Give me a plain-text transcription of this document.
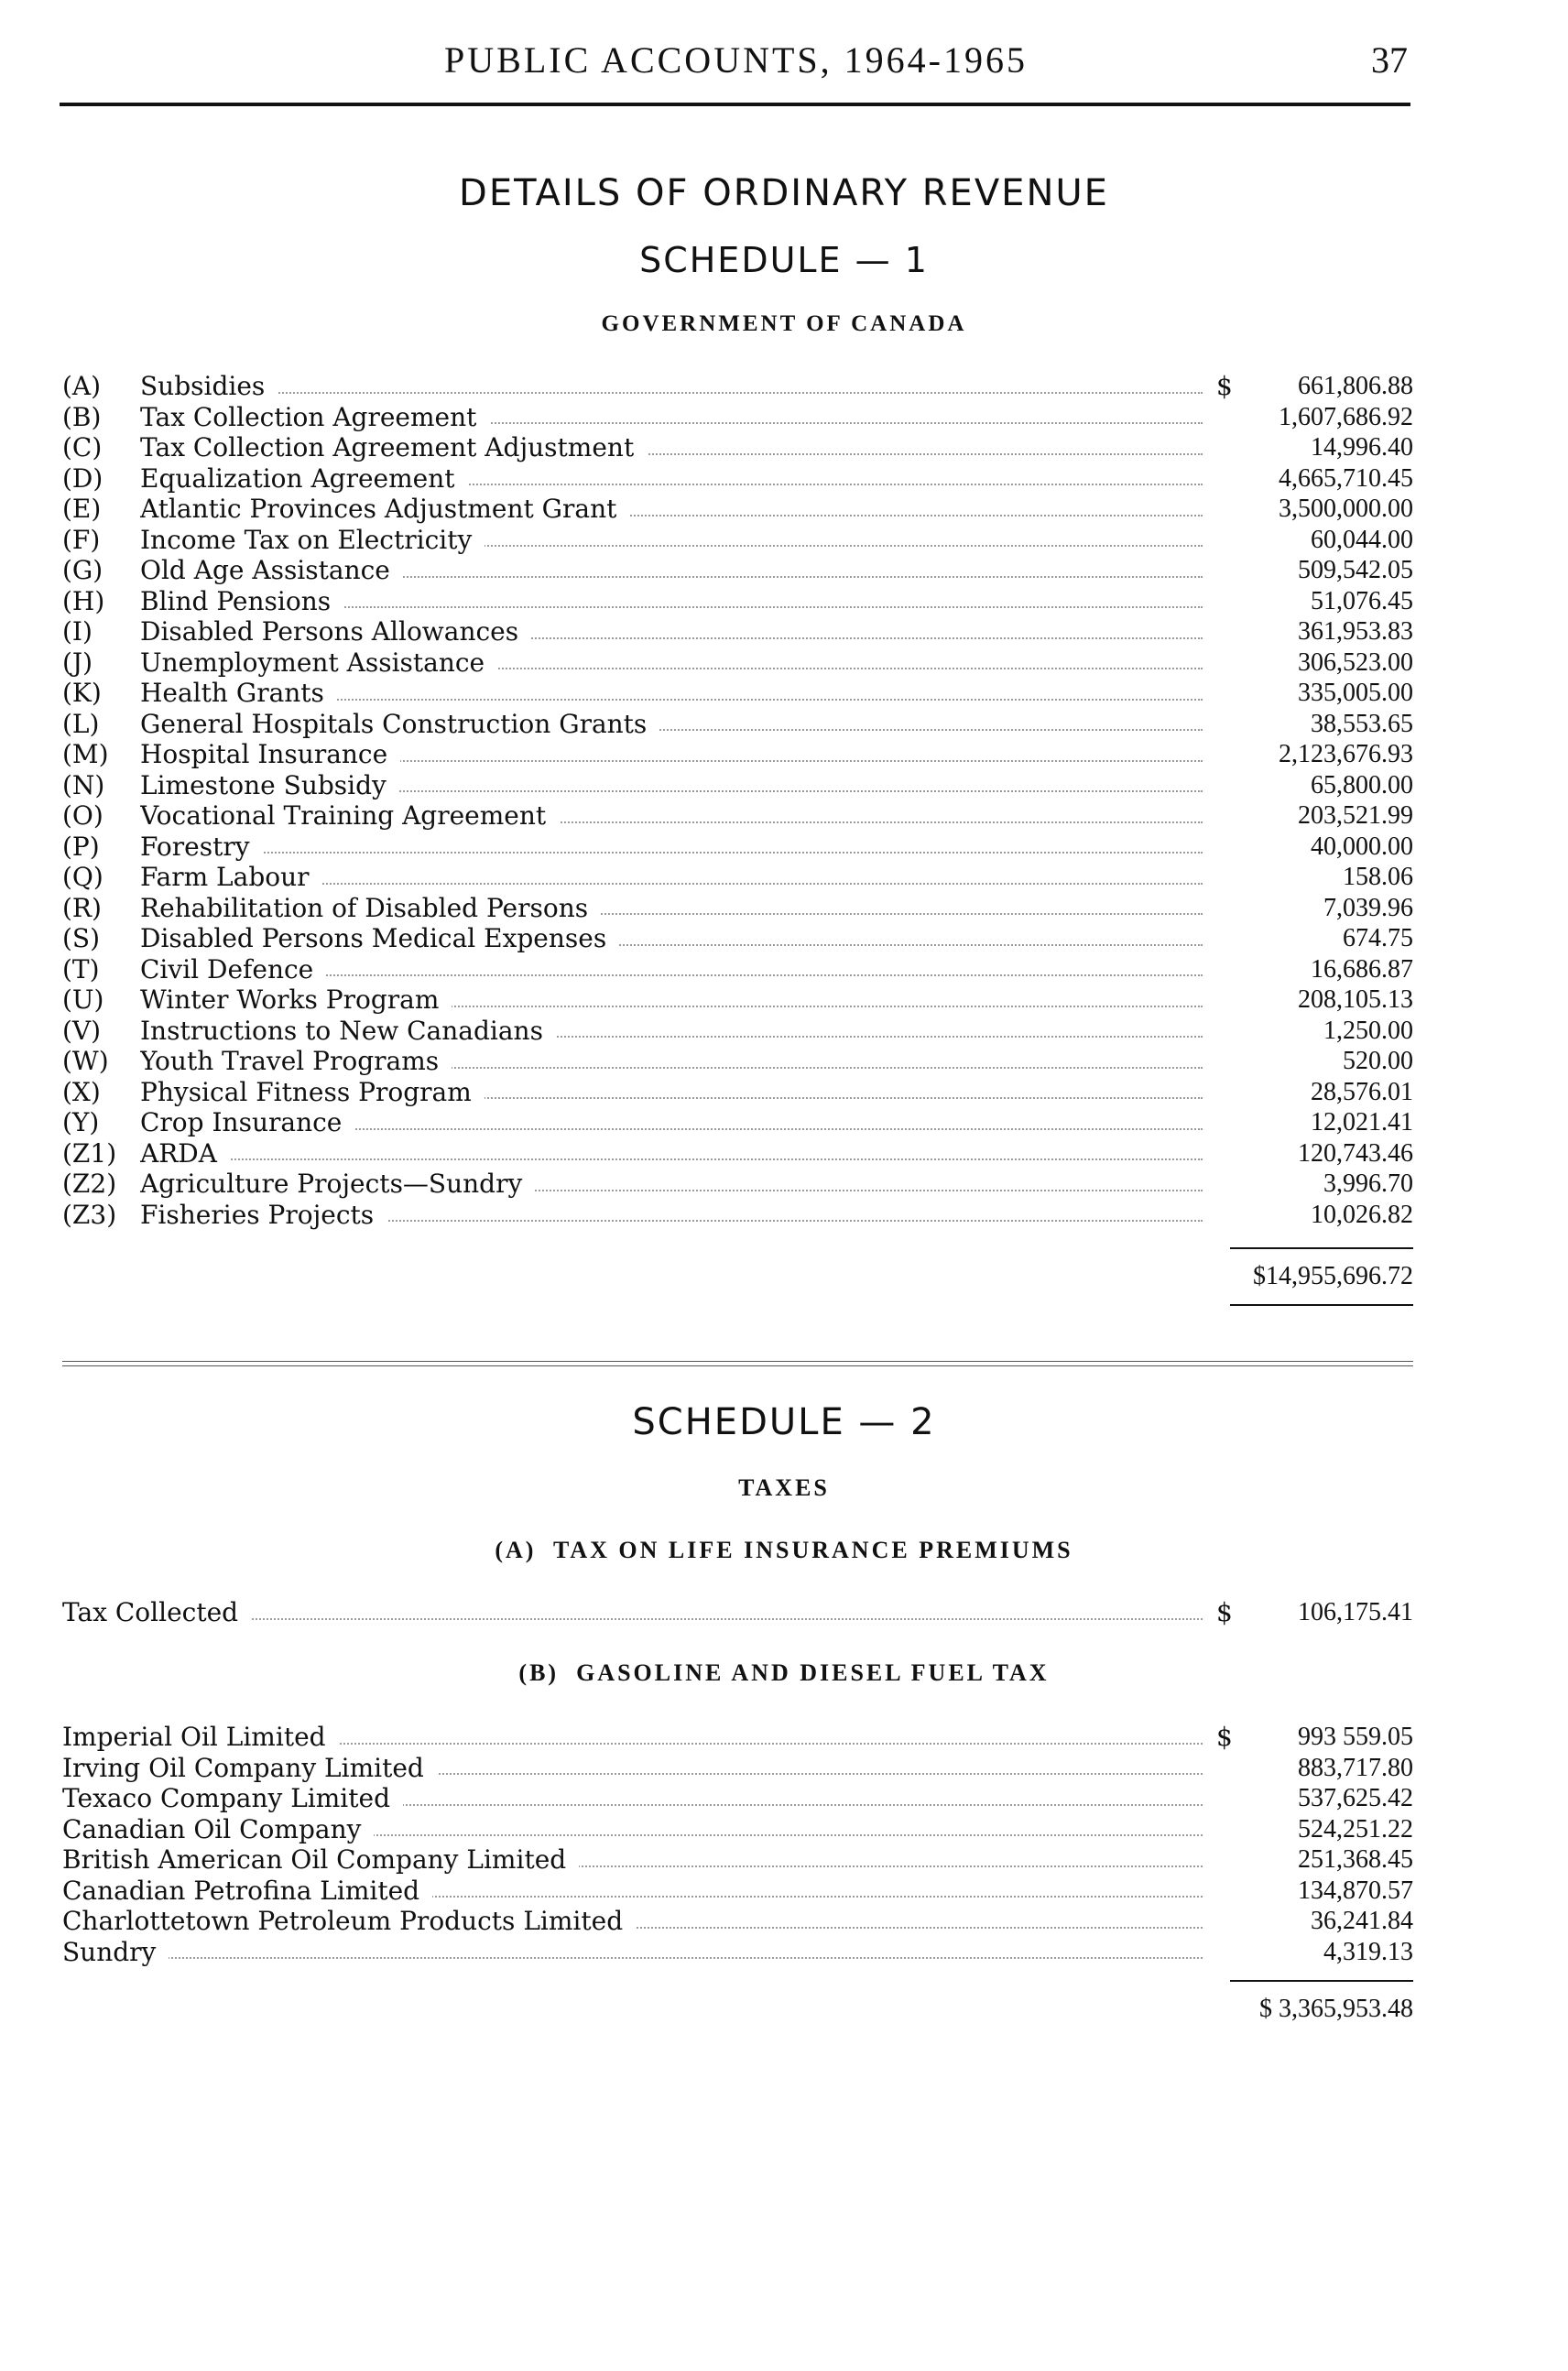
PUBLIC ACCOUNTS, 1964-1965	37
DETAILS OF ORDINARY REVENUE
SCHEDULE — 1
GOVERNMENT OF CANADA
(A)	Subsidies	$	661,806.88
(B)	Tax Collection Agreement	1,607,686.92
(C)	Tax Collection Agreement Adjustment	14,996.40
(D)	Equalization Agreement	4,665,710.45
(E)	Atlantic Provinces Adjustment Grant	3,500,000.00
(F)	Income Tax on Electricity	60,044.00
(G)	Old Age Assistance	509,542.05
(H)	Blind Pensions	51,076.45
(I)	Disabled Persons Allowances	361,953.83
(J)	Unemployment Assistance	306,523.00
(K)	Health Grants	335,005.00
(L)	General Hospitals Construction Grants	38,553.65
(M)	Hospital Insurance	2,123,676.93
(N)	Limestone Subsidy	65,800.00
(O)	Vocational Training Agreement	203,521.99
(P)	Forestry	40,000.00
(Q)	Farm Labour	158.06
(R)	Rehabilitation of Disabled Persons	7,039.96
(S)	Disabled Persons Medical Expenses	674.75
(T)	Civil Defence	16,686.87
(U)	Winter Works Program	208,105.13
(V)	Instructions to New Canadians	1,250.00
(W)	Youth Travel Programs	520.00
(X)	Physical Fitness Program	28,576.01
(Y)	Crop Insurance	12,021.41
(Z1) ARDA	120,743.46
(Z2) Agriculture Projects—Sundry	3,996.70
(Z3) Fisheries Projects	10,026.82
$14,955,696.72
SCHEDULE — 2
TAXES
(A)  TAX ON LIFE INSURANCE PREMIUMS
Tax Collected	$	106,175.41
(B)  GASOLINE AND DIESEL FUEL TAX
Imperial Oil Limited	$	993 559.05
Irving Oil Company Limited	883,717.80
Texaco Company Limited	537,625.42
Canadian Oil Company	524,251.22
British American Oil Company Limited	251,368.45
Canadian Petrofina Limited	134,870.57
Charlottetown Petroleum Products Limited	36,241.84
Sundry	4,319.13
$ 3,365,953.48
